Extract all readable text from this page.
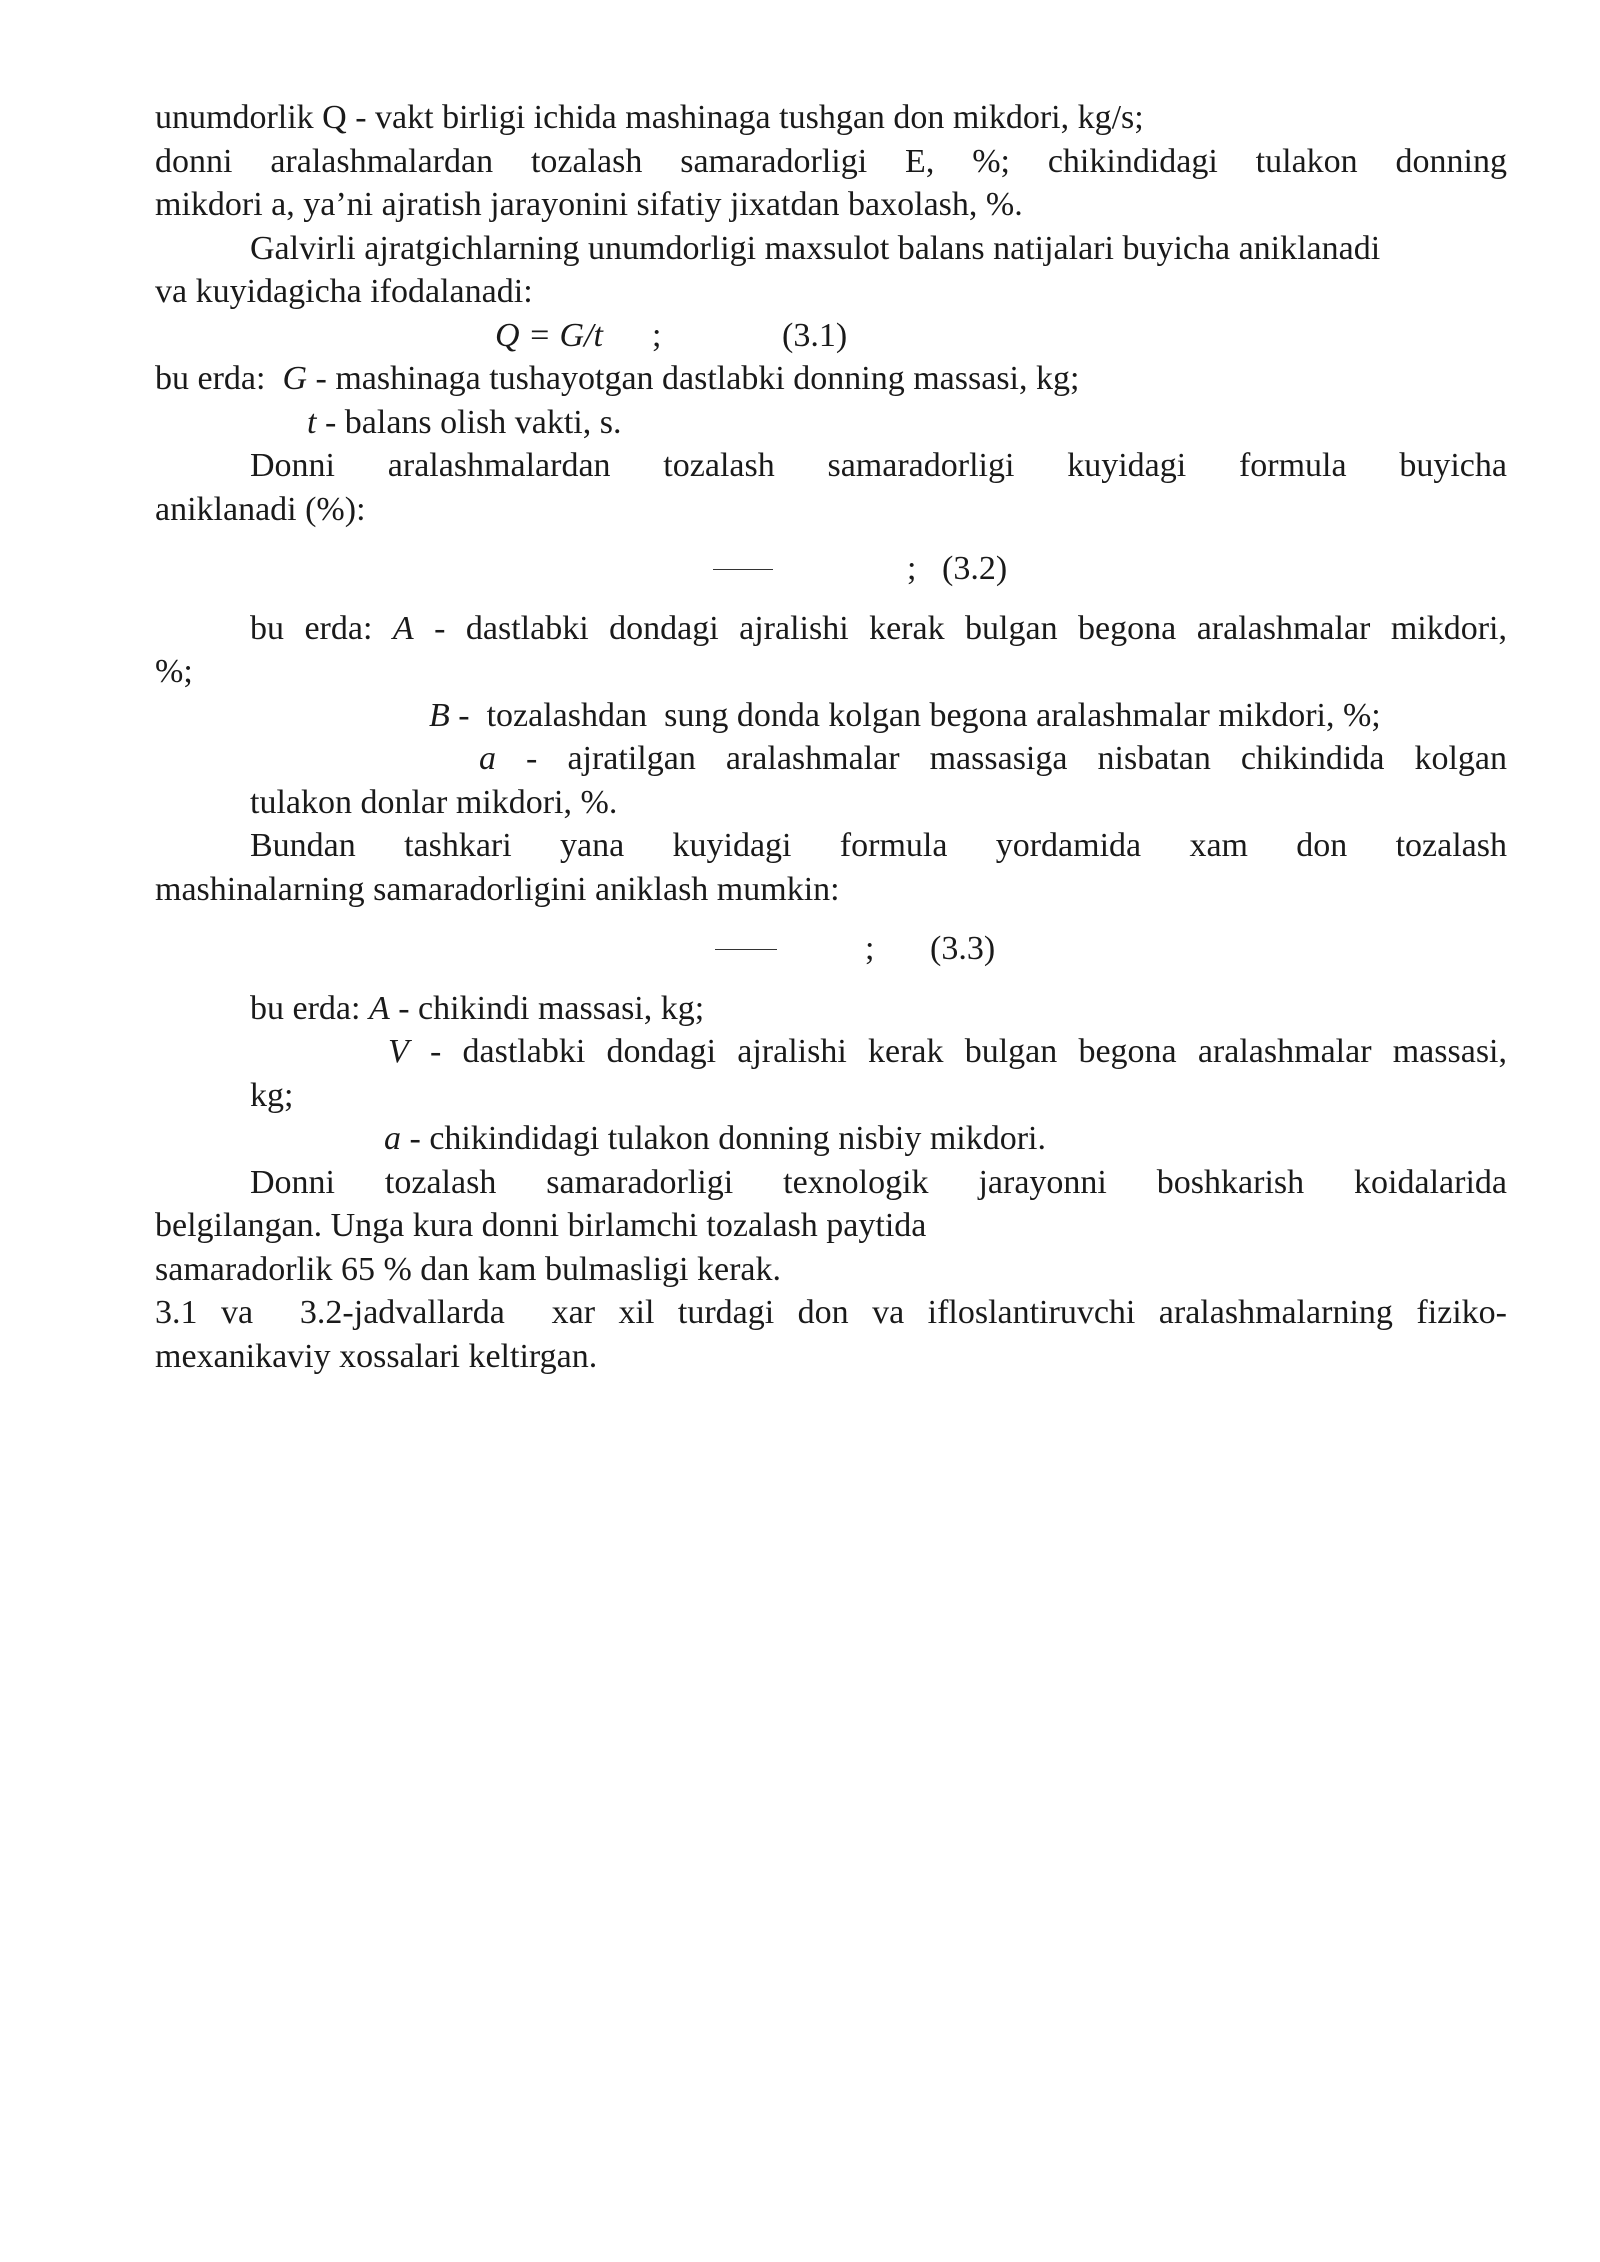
unumdorlik Q - vakt birligi ichida mashinaga tushgan don mikdori, kg/s;
donni aralashmalardan tozalash samaradorligi E, %; chikindidagi tulakon donning
mikdori a, ya’ni ajratish jarayonini sifatiy jixatdan baxolash, %.
Galvirli ajratgichlarning unumdorligi maxsulot balans natijalari buyicha aniklanadi
va kuyidagicha ifodalanadi:
Q = G/t ;	(3.1)
bu erda:  G - mashinaga tushayotgan dastlabki donning massasi, kg;
t - balans olish vakti, s.
Donni aralashmalardan tozalash samaradorligi kuyidagi formula buyicha
aniklanadi (%):
; (3.2)
bu erda: A - dastlabki dondagi ajralishi kerak bulgan begona aralashmalar mikdori,
%;
B -  tozalashdan  sung donda kolgan begona aralashmalar mikdori, %;
a - ajratilgan aralashmalar massasiga nisbatan chikindida kolgan
tulakon donlar mikdori, %.
Bundan tashkari yana kuyidagi formula yordamida xam don tozalash
mashinalarning samaradorligini aniklash mumkin:
; (3.3)
bu erda: A - chikindi massasi, kg;
V - dastlabki dondagi ajralishi kerak bulgan begona aralashmalar massasi,
kg;
a - chikindidagi tulakon donning nisbiy mikdori.
Donni tozalash samaradorligi texnologik jarayonni boshkarish koidalarida
belgilangan. Unga kura donni birlamchi tozalash paytida
samaradorlik 65 % dan kam bulmasligi kerak.
3.1 va  3.2-jadvallarda  xar xil turdagi don va ifloslantiruvchi aralashmalarning fiziko-
mexanikaviy xossalari keltirgan.
